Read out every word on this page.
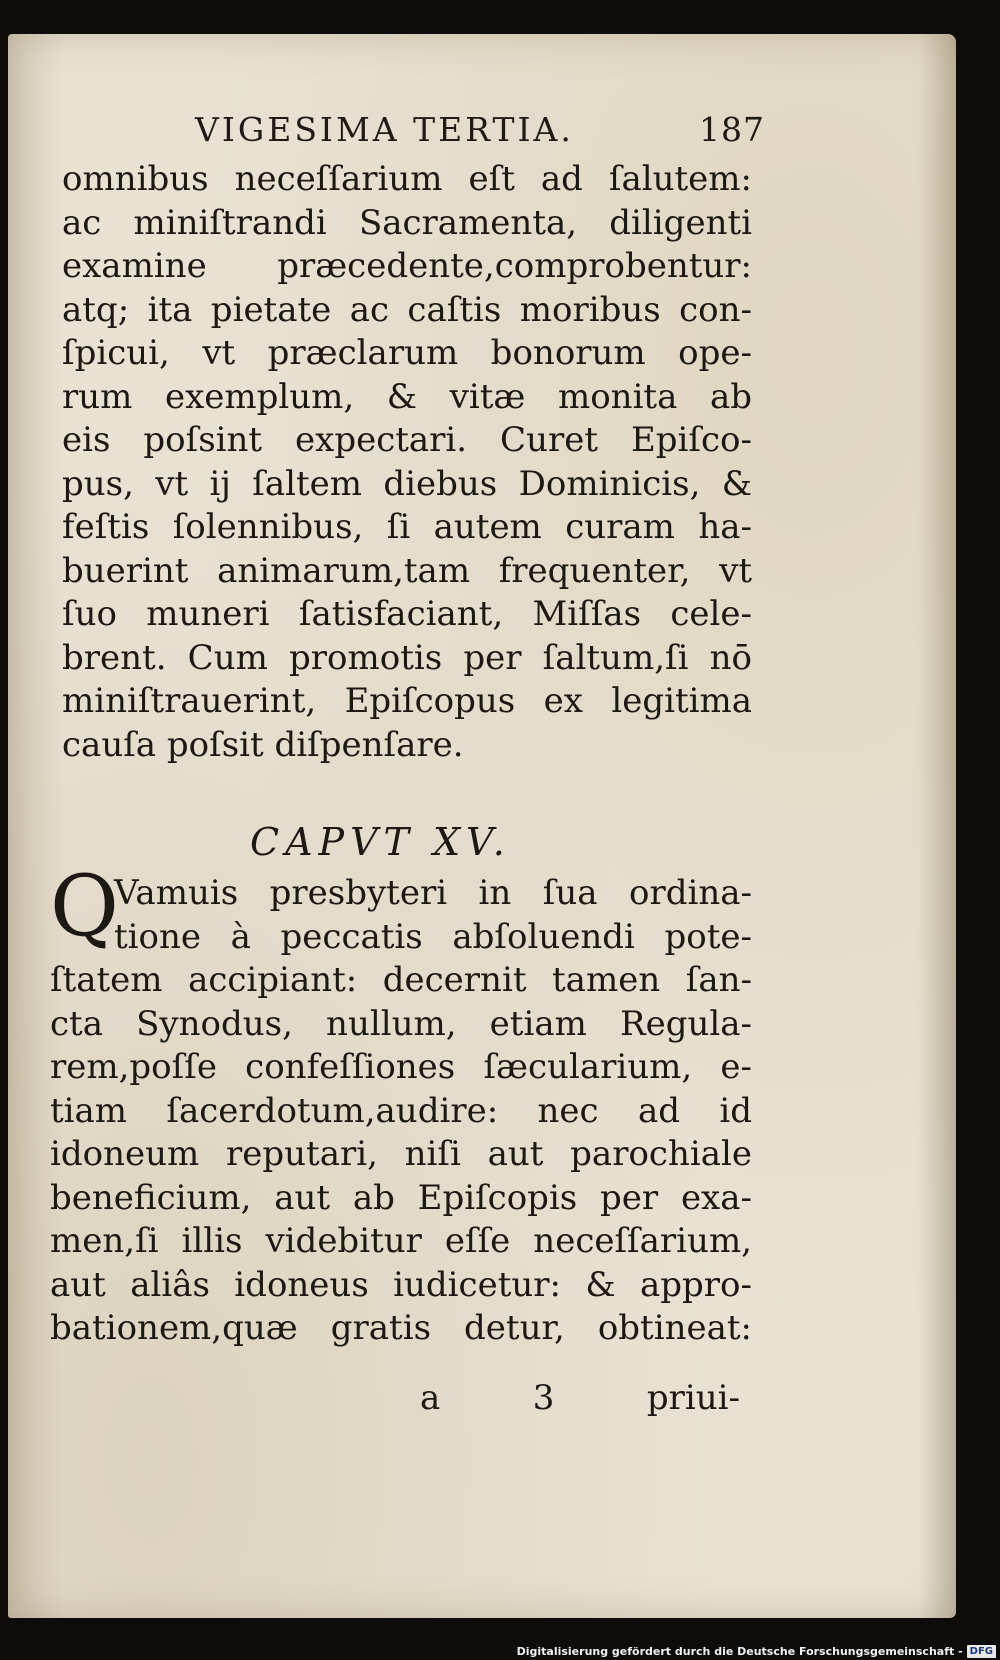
VIGESIMA TERTIA.	187
omnibus neceſſarium eſt ad ſalutem:
ac miniſtrandi Sacramenta, diligenti
examine præcedente,comprobentur:
atq; ita pietate ac caſtis moribus con-
ſpicui, vt præclarum bonorum ope-
rum exemplum, & vitæ monita ab
eis poſsint expectari. Curet Epiſco-
pus, vt ij ſaltem diebus Dominicis, &
feſtis ſolennibus, ſi autem curam ha-
buerint animarum,tam frequenter, vt
ſuo muneri ſatisfaciant, Miſſas cele-
brent. Cum promotis per ſaltum,ſi nō
miniſtrauerint, Epiſcopus ex legitima
cauſa poſsit diſpenſare.
CAPVT XV.
Q
Vamuis presbyteri in ſua ordina-
tione à peccatis abſoluendi pote-
ſtatem accipiant: decernit tamen ſan-
cta Synodus, nullum, etiam Regula-
rem,poſſe confeſſiones ſæcularium, e-
tiam ſacerdotum,audire: nec ad id
idoneum reputari, niſi aut parochiale
beneficium, aut ab Epiſcopis per exa-
men,ſi illis videbitur eſſe neceſſarium,
aut aliâs idoneus iudicetur: & appro-
bationem,quæ gratis detur, obtineat:
a	3	priui-
Digitalisierung gefördert durch die Deutsche Forschungsgemeinschaft - DFG
